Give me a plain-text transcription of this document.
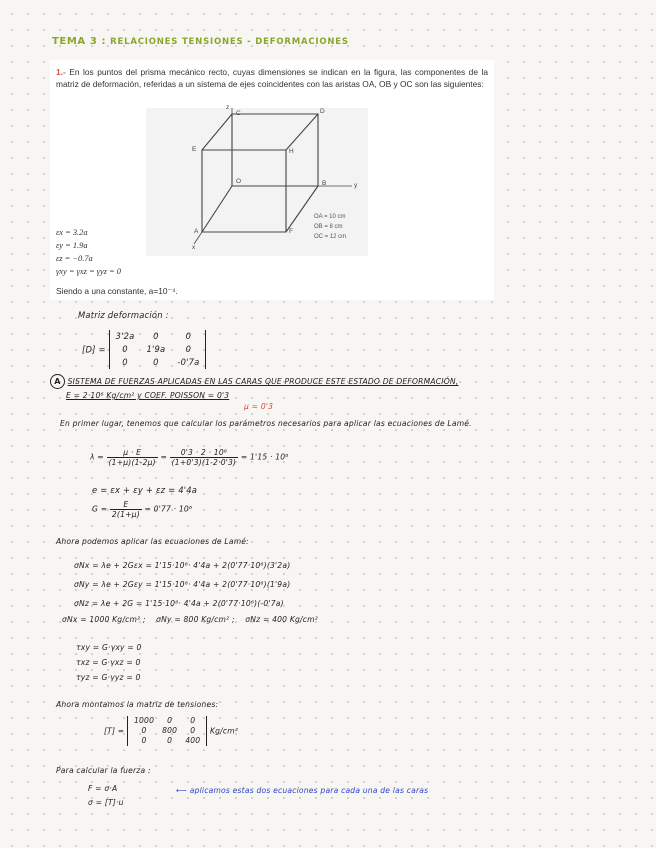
TEMA 3 : RELACIONES TENSIONES - DEFORMACIONES
1.- En los puntos del prisma mecánico recto, cuyas dimensiones se indican en la figura, las componentes de la matriz de deformación, referidas a un sistema de ejes coincidentes con las aristas OA, OB y OC son las siguientes:
z
C	D
E	H
O	B	y
A	F
x
OA = 10 cm
OB = 8 cm
OC = 12 cm
εx = 3.2a
εy = 1.9a
εz = −0.7a
γxy = γxz = γyz = 0
Siendo a una constante, a=10⁻⁴.
Matriz deformación :
[D] =
3'2a	0	0
0	1'9a	0
0	0	-0'7a
A SISTEMA DE FUERZAS APLICADAS EN LAS CARAS QUE PRODUCE ESTE ESTADO DE DEFORMACIÓN,
E = 2·10⁶ Kg/cm² y COEF. POISSON = 0'3
μ = 0'3
En primer lugar, tenemos que calcular los parámetros necesarios para aplicar las ecuaciones de Lamé.
$\lambda = \frac{\mu \cdot E}{(1+\mu)(1-2\mu)} = \frac{\text{0'3 · 2 · 10⁶}}{(1+0'3)(1-2\cdot 0'3)} = 1'15 \cdot 10^6$
e = εx + εy + εz = 4'4a
$G = \frac{E}{2(1+\mu)} = 0'77 \cdot 10^6$
Ahora podemos aplicar las ecuaciones de Lamé:
σNx = λe + 2Gεx = 1'15·10⁶· 4'4a + 2(0'77·10⁶)(3'2a)
σNy = λe + 2Gεy = 1'15·10⁶· 4'4a + 2(0'77·10⁶)(1'9a)
σNz = λe + 2G = 1'15·10⁶· 4'4a + 2(0'77·10⁶)(-0'7a)
σNx = 1000 Kg/cm² ; σNy = 800 Kg/cm² ; σNz = 400 Kg/cm²
τxy = G·γxy = 0
τxz = G·γxz = 0
τyz = G·γyz = 0
Ahora montamos la matriz de tensiones:
[T] =
1000	0	0
0	800	0
0	0	400
Kg/cm²
Para calcular la fuerza :
F = σ·A
σ = [T]·u
⟵ aplicamos estas dos ecuaciones para cada una de las caras
